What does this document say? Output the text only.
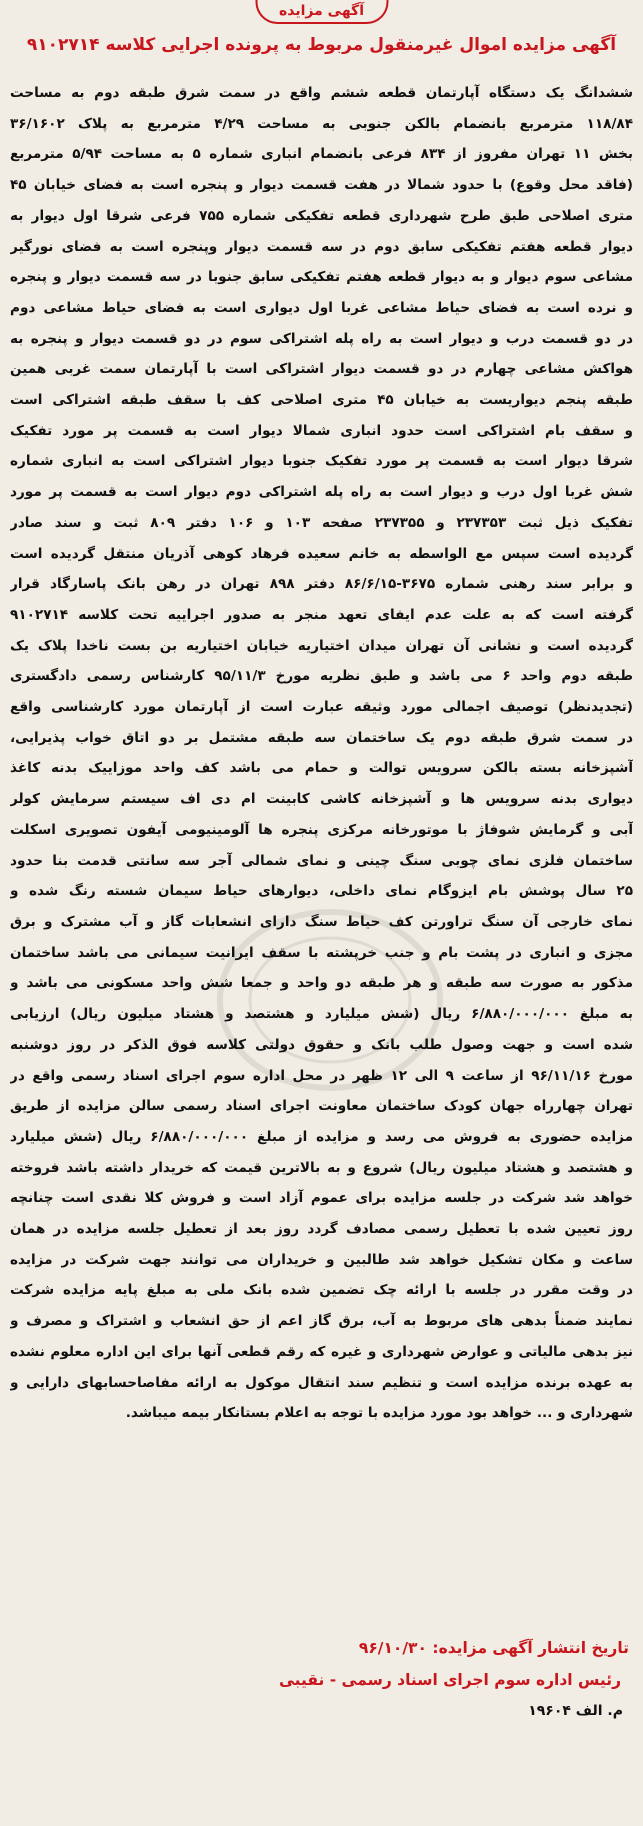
آگهی مزایده
آگهی مزایده اموال غیرمنقول مربوط به پرونده اجرایی کلاسه ۹۱۰۲۷۱۴
ششدانگ یک دستگاه آپارتمان قطعه ششم واقع در سمت شرق طبقه دوم به مساحت
۱۱۸/۸۴ مترمربع بانضمام بالکن جنوبی به مساحت ۴/۲۹ مترمربع به پلاک ۳۶/۱۶۰۲
بخش ۱۱ تهران مفروز از ۸۳۴ فرعی بانضمام انباری شماره ۵ به مساحت ۵/۹۴ مترمربع
(فاقد محل وقوع) با حدود شمالا در هفت قسمت دیوار و پنجره است به فضای خیابان ۴۵
متری اصلاحی طبق طرح شهرداری قطعه تفکیکی شماره ۷۵۵ فرعی شرقا اول دیوار به
دیوار قطعه هفتم تفکیکی سابق دوم در سه قسمت دیوار وپنجره است به فضای نورگیر
مشاعی سوم دیوار و به دیوار قطعه هفتم تفکیکی سابق جنوبا در سه قسمت دیوار و پنجره
و نرده است به فضای حیاط مشاعی غربا اول دیواری است به فضای حیاط مشاعی دوم
در دو قسمت درب و دیوار است به راه پله اشتراکی سوم در دو قسمت دیوار و پنجره به
هواکش مشاعی چهارم در دو قسمت دیوار اشتراکی است با آپارتمان سمت غربی همین
طبقه پنجم دیواریست به خیابان ۴۵ متری اصلاحی کف با سقف طبقه اشتراکی است
و سقف بام اشتراکی است حدود انباری شمالا دیوار است به قسمت پر مورد تفکیک
شرقا دیوار است به قسمت پر مورد تفکیک جنوبا دیوار اشتراکی است به انباری شماره
شش غربا اول درب و دیوار است به راه پله اشتراکی دوم دیوار است به قسمت پر مورد
تفکیک ذیل ثبت ۲۳۷۳۵۳ و ۲۳۷۳۵۵ صفحه ۱۰۳ و ۱۰۶ دفتر ۸۰۹ ثبت و سند صادر
گردیده است سپس مع الواسطه به خانم سعیده فرهاد کوهی آذریان منتقل گردیده است
و برابر سند رهنی شماره ۳۶۷۵-۸۶/۶/۱۵ دفتر ۸۹۸ تهران در رهن بانک پاسارگاد قرار
گرفته است که به علت عدم ایفای تعهد منجر به صدور اجراییه تحت کلاسه ۹۱۰۲۷۱۴
گردیده است و نشانی آن تهران میدان اختیاریه خیابان اختیاریه بن بست ناخدا پلاک یک
طبقه دوم واحد ۶ می باشد و طبق نظریه مورخ ۹۵/۱۱/۳ کارشناس رسمی دادگستری
(تجدیدنظر) توصیف اجمالی مورد وثیقه عبارت است از آپارتمان مورد کارشناسی واقع
در سمت شرق طبقه دوم یک ساختمان سه طبقه مشتمل بر دو اتاق خواب پذیرایی،
آشپزخانه بسته بالکن سرویس توالت و حمام می باشد کف واحد موزاییک بدنه کاغذ
دیواری بدنه سرویس ها و آشپزخانه کاشی کابینت ام دی اف سیستم سرمایش کولر
آبی و گرمایش شوفاژ با موتورخانه مرکزی پنجره ها آلومینیومی آیفون تصویری اسکلت
ساختمان فلزی نمای چوبی سنگ چینی و نمای شمالی آجر سه سانتی قدمت بنا حدود
۲۵ سال پوشش بام ایزوگام نمای داخلی، دیوارهای حیاط سیمان شسته رنگ شده و
نمای خارجی آن سنگ تراورتن کف حیاط سنگ دارای انشعابات گاز و آب مشترک و برق
مجزی و انباری در پشت بام و جنب خرپشته با سقف ایرانیت سیمانی می باشد ساختمان
مذکور به صورت سه طبقه و هر طبقه دو واحد و جمعا شش واحد مسکونی می باشد و
به مبلغ ۶/۸۸۰/۰۰۰/۰۰۰ ریال (شش میلیارد و هشتصد و هشتاد میلیون ریال) ارزیابی
شده است و جهت وصول طلب بانک و حقوق دولتی کلاسه فوق الذکر در روز دوشنبه
مورخ ۹۶/۱۱/۱۶ از ساعت ۹ الی ۱۲ ظهر در محل اداره سوم اجرای اسناد رسمی واقع در
تهران چهارراه جهان کودک ساختمان معاونت اجرای اسناد رسمی سالن مزایده از طریق
مزایده حضوری به فروش می رسد و مزایده از مبلغ ۶/۸۸۰/۰۰۰/۰۰۰ ریال (شش میلیارد
و هشتصد و هشتاد میلیون ریال) شروع و به بالاترین قیمت که خریدار داشته باشد فروخته
خواهد شد شرکت در جلسه مزایده برای عموم آزاد است و فروش کلا نقدی است چنانچه
روز تعیین شده با تعطیل رسمی مصادف گردد روز بعد از تعطیل جلسه مزایده در همان
ساعت و مکان تشکیل خواهد شد طالبین و خریداران می توانند جهت شرکت در مزایده
در وقت مقرر در جلسه با ارائه چک تضمین شده بانک ملی به مبلغ پایه مزایده شرکت
نمایند ضمناً بدهی های مربوط به آب، برق گاز اعم از حق انشعاب و اشتراک و مصرف و
نیز بدهی مالیاتی و عوارض شهرداری و غیره که رقم قطعی آنها برای این اداره معلوم نشده
به عهده برنده مزایده است و تنظیم سند انتقال موکول به ارائه مفاصاحسابهای دارایی و
شهرداری و ... خواهد بود مورد مزایده با توجه به اعلام بستانکار بیمه میباشد.
تاریخ انتشار آگهی مزایده: ۹۶/۱۰/۳۰
رئیس اداره سوم اجرای اسناد رسمی - نقیبی
م. الف ۱۹۶۰۴
